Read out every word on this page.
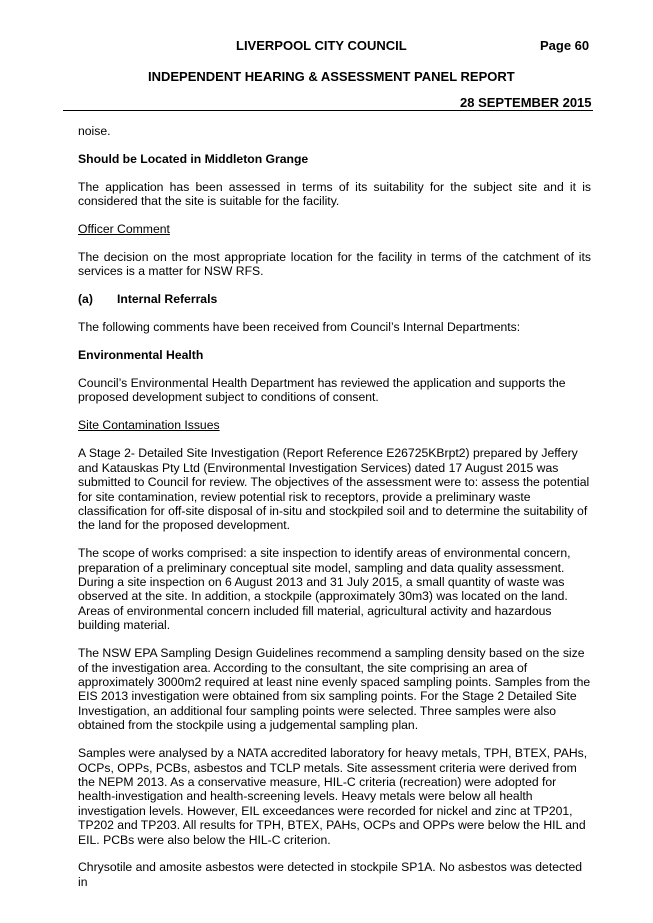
LIVERPOOL CITY COUNCIL	Page 60
INDEPENDENT HEARING & ASSESSMENT PANEL REPORT
28 SEPTEMBER 2015

noise.

Should be Located in Middleton Grange

The application has been assessed in terms of its suitability for the subject site and it is considered that the site is suitable for the facility.

Officer Comment

The decision on the most appropriate location for the facility in terms of the catchment of its services is a matter for NSW RFS.

(a) Internal Referrals

The following comments have been received from Council’s Internal Departments:

Environmental Health

Council’s Environmental Health Department has reviewed the application and supports the proposed development subject to conditions of consent.

Site Contamination Issues

A Stage 2- Detailed Site Investigation (Report Reference E26725KBrpt2) prepared by Jeffery and Katauskas Pty Ltd (Environmental Investigation Services) dated 17 August 2015 was submitted to Council for review. The objectives of the assessment were to: assess the potential for site contamination, review potential risk to receptors, provide a preliminary waste classification for off-site disposal of in-situ and stockpiled soil and to determine the suitability of the land for the proposed development.

The scope of works comprised: a site inspection to identify areas of environmental concern, preparation of a preliminary conceptual site model, sampling and data quality assessment. During a site inspection on 6 August 2013 and 31 July 2015, a small quantity of waste was observed at the site. In addition, a stockpile (approximately 30m3) was located on the land. Areas of environmental concern included fill material, agricultural activity and hazardous building material.

The NSW EPA Sampling Design Guidelines recommend a sampling density based on the size of the investigation area. According to the consultant, the site comprising an area of approximately 3000m2 required at least nine evenly spaced sampling points. Samples from the EIS 2013 investigation were obtained from six sampling points. For the Stage 2 Detailed Site Investigation, an additional four sampling points were selected. Three samples were also obtained from the stockpile using a judgemental sampling plan.

Samples were analysed by a NATA accredited laboratory for heavy metals, TPH, BTEX, PAHs, OCPs, OPPs, PCBs, asbestos and TCLP metals. Site assessment criteria were derived from the NEPM 2013. As a conservative measure, HIL-C criteria (recreation) were adopted for health-investigation and health-screening levels. Heavy metals were below all health investigation levels. However, EIL exceedances were recorded for nickel and zinc at TP201, TP202 and TP203. All results for TPH, BTEX, PAHs, OCPs and OPPs were below the HIL and EIL. PCBs were also below the HIL-C criterion.

Chrysotile and amosite asbestos were detected in stockpile SP1A. No asbestos was detected in
